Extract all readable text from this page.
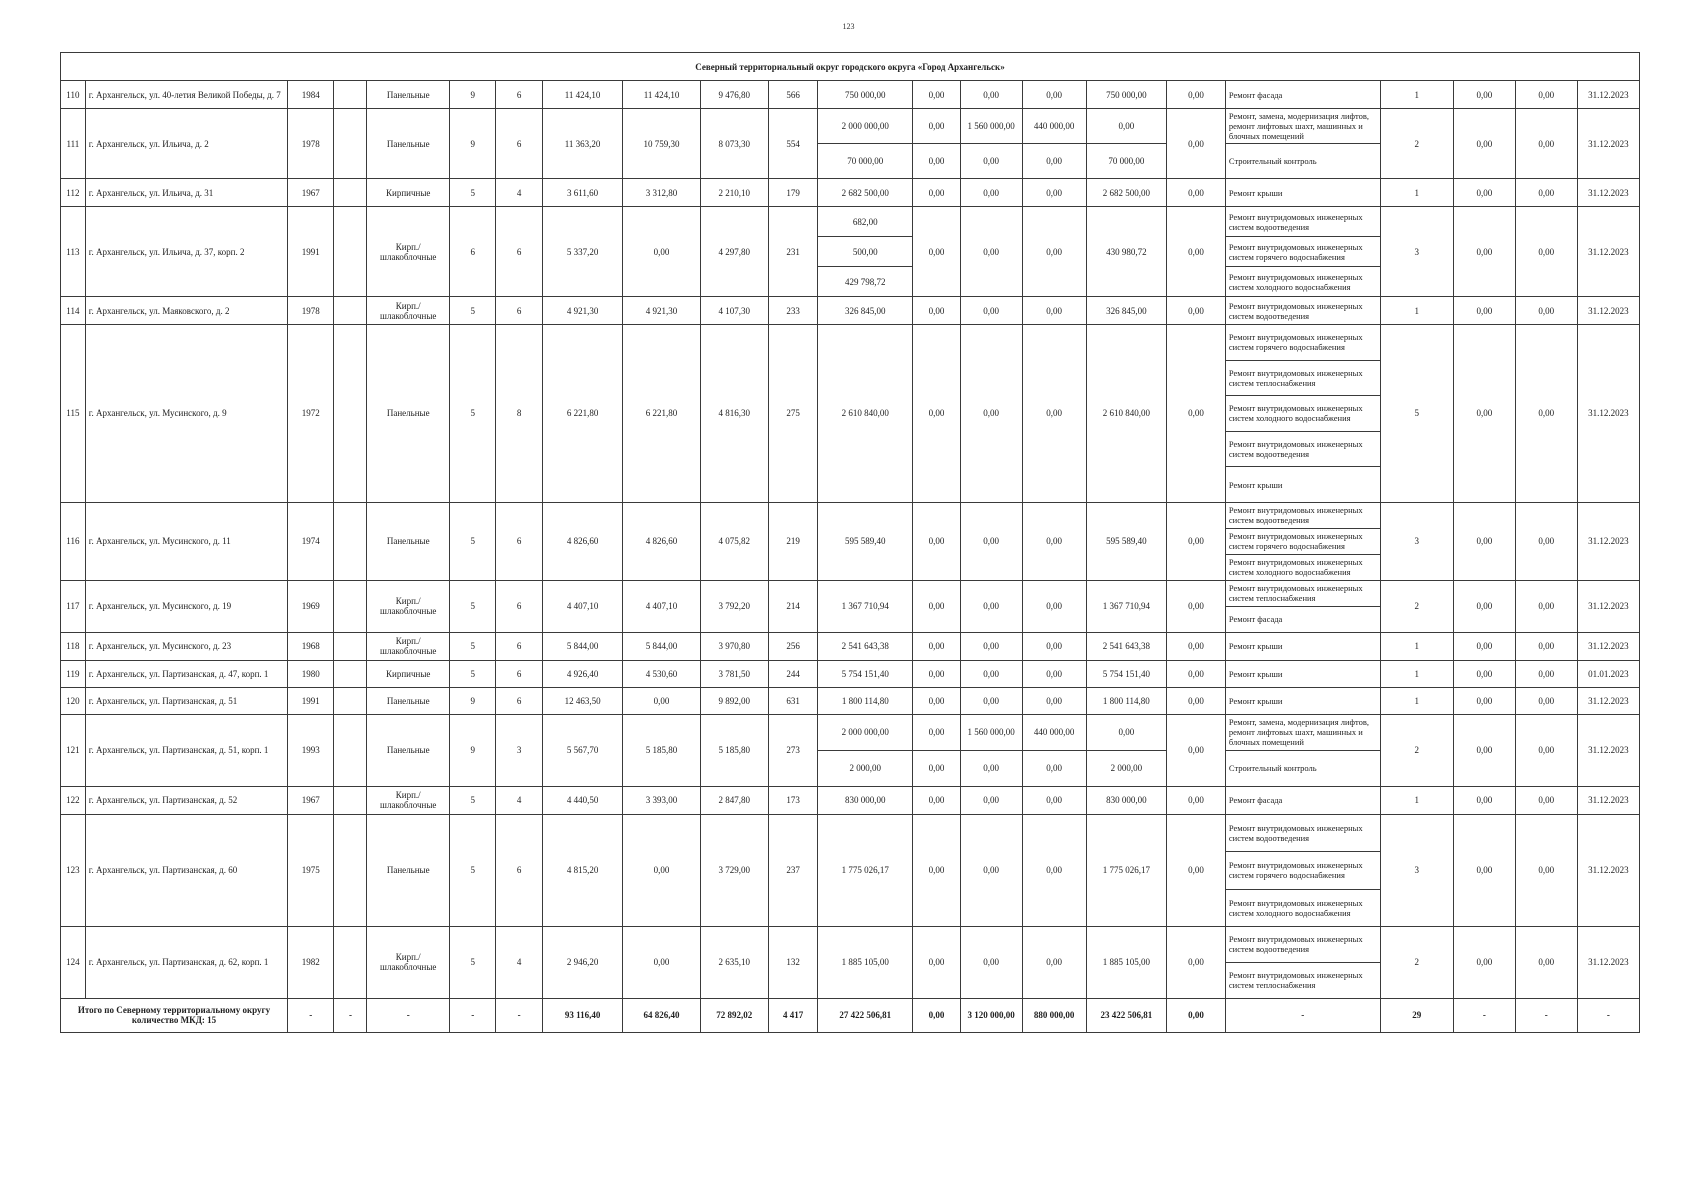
123
Северный территориальный округ городского округа «Город Архангельск»																					
110	г. Архангельск, ул. 40-летия Великой Победы, д. 7	1984		Панельные	9	6	11 424,10	11 424,10	9 476,80	566	750 000,00	0,00	0,00	0,00	750 000,00	0,00	Ремонт фасада	1	0,00	0,00	31.12.2023
111	г. Архангельск, ул. Ильича, д. 2	1978		Панельные	9	6	11 363,20	10 759,30	8 073,30	554	2 000 000,00	0,00	1 560 000,00	440 000,00	0,00	0,00	Ремонт, замена, модернизация лифтов, ремонт лифтовых шахт, машинных и блочных помещений	2	0,00	0,00	31.12.2023
											70 000,00	0,00	0,00	0,00	70 000,00		Строительный контроль				
112	г. Архангельск, ул. Ильича, д. 31	1967		Кирпичные	5	4	3 611,60	3 312,80	2 210,10	179	2 682 500,00	0,00	0,00	0,00	2 682 500,00	0,00	Ремонт крыши	1	0,00	0,00	31.12.2023
113	г. Архангельск, ул. Ильича, д. 37, корп. 2	1991		Кирп./ шлакоблочные	6	6	5 337,20	0,00	4 297,80	231	682,00	0,00	0,00	0,00	430 980,72	0,00	Ремонт внутридомовых инженерных систем водоотведения	3	0,00	0,00	31.12.2023
											500,00						Ремонт внутридомовых инженерных систем горячего водоснабжения				
											429 798,72						Ремонт внутридомовых инженерных систем холодного водоснабжения				
114	г. Архангельск, ул. Маяковского, д. 2	1978		Кирп./ шлакоблочные	5	6	4 921,30	4 921,30	4 107,30	233	326 845,00	0,00	0,00	0,00	326 845,00	0,00	Ремонт внутридомовых инженерных систем водоотведения	1	0,00	0,00	31.12.2023
115	г. Архангельск, ул. Мусинского, д. 9	1972		Панельные	5	8	6 221,80	6 221,80	4 816,30	275	2 610 840,00	0,00	0,00	0,00	2 610 840,00	0,00	Ремонт внутридомовых инженерных систем горячего водоснабжения	5	0,00	0,00	31.12.2023
																	Ремонт внутридомовых инженерных систем теплоснабжения				
																	Ремонт внутридомовых инженерных систем холодного водоснабжения				
																	Ремонт внутридомовых инженерных систем водоотведения				
																	Ремонт крыши				
116	г. Архангельск, ул. Мусинского, д. 11	1974		Панельные	5	6	4 826,60	4 826,60	4 075,82	219	595 589,40	0,00	0,00	0,00	595 589,40	0,00	Ремонт внутридомовых инженерных систем водоотведения	3	0,00	0,00	31.12.2023
																	Ремонт внутридомовых инженерных систем горячего водоснабжения				
																	Ремонт внутридомовых инженерных систем холодного водоснабжения				
117	г. Архангельск, ул. Мусинского, д. 19	1969		Кирп./ шлакоблочные	5	6	4 407,10	4 407,10	3 792,20	214	1 367 710,94	0,00	0,00	0,00	1 367 710,94	0,00	Ремонт внутридомовых инженерных систем теплоснабжения	2	0,00	0,00	31.12.2023
																	Ремонт фасада				
118	г. Архангельск, ул. Мусинского, д. 23	1968		Кирп./ шлакоблочные	5	6	5 844,00	5 844,00	3 970,80	256	2 541 643,38	0,00	0,00	0,00	2 541 643,38	0,00	Ремонт крыши	1	0,00	0,00	31.12.2023
119	г. Архангельск, ул. Партизанская, д. 47, корп. 1	1980		Кирпичные	5	6	4 926,40	4 530,60	3 781,50	244	5 754 151,40	0,00	0,00	0,00	5 754 151,40	0,00	Ремонт крыши	1	0,00	0,00	01.01.2023
120	г. Архангельск, ул. Партизанская, д. 51	1991		Панельные	9	6	12 463,50	0,00	9 892,00	631	1 800 114,80	0,00	0,00	0,00	1 800 114,80	0,00	Ремонт крыши	1	0,00	0,00	31.12.2023
121	г. Архангельск, ул. Партизанская, д. 51, корп. 1	1993		Панельные	9	3	5 567,70	5 185,80	5 185,80	273	2 000 000,00	0,00	1 560 000,00	440 000,00	0,00	0,00	Ремонт, замена, модернизация лифтов, ремонт лифтовых шахт, машинных и блочных помещений	2	0,00	0,00	31.12.2023
											2 000,00	0,00	0,00	0,00	2 000,00		Строительный контроль				
122	г. Архангельск, ул. Партизанская, д. 52	1967		Кирп./ шлакоблочные	5	4	4 440,50	3 393,00	2 847,80	173	830 000,00	0,00	0,00	0,00	830 000,00	0,00	Ремонт фасада	1	0,00	0,00	31.12.2023
123	г. Архангельск, ул. Партизанская, д. 60	1975		Панельные	5	6	4 815,20	0,00	3 729,00	237	1 775 026,17	0,00	0,00	0,00	1 775 026,17	0,00	Ремонт внутридомовых инженерных систем водоотведения	3	0,00	0,00	31.12.2023
																	Ремонт внутридомовых инженерных систем горячего водоснабжения				
																	Ремонт внутридомовых инженерных систем холодного водоснабжения				
124	г. Архангельск, ул. Партизанская, д. 62, корп. 1	1982		Кирп./ шлакоблочные	5	4	2 946,20	0,00	2 635,10	132	1 885 105,00	0,00	0,00	0,00	1 885 105,00	0,00	Ремонт внутридомовых инженерных систем водоотведения	2	0,00	0,00	31.12.2023
																	Ремонт внутридомовых инженерных систем теплоснабжения				
Итого по Северному территориальному округу количество МКД: 15		-	-	-	-	-	93 116,40	64 826,40	72 892,02	4 417	27 422 506,81	0,00	3 120 000,00	880 000,00	23 422 506,81	0,00	-	29	-	-	-
